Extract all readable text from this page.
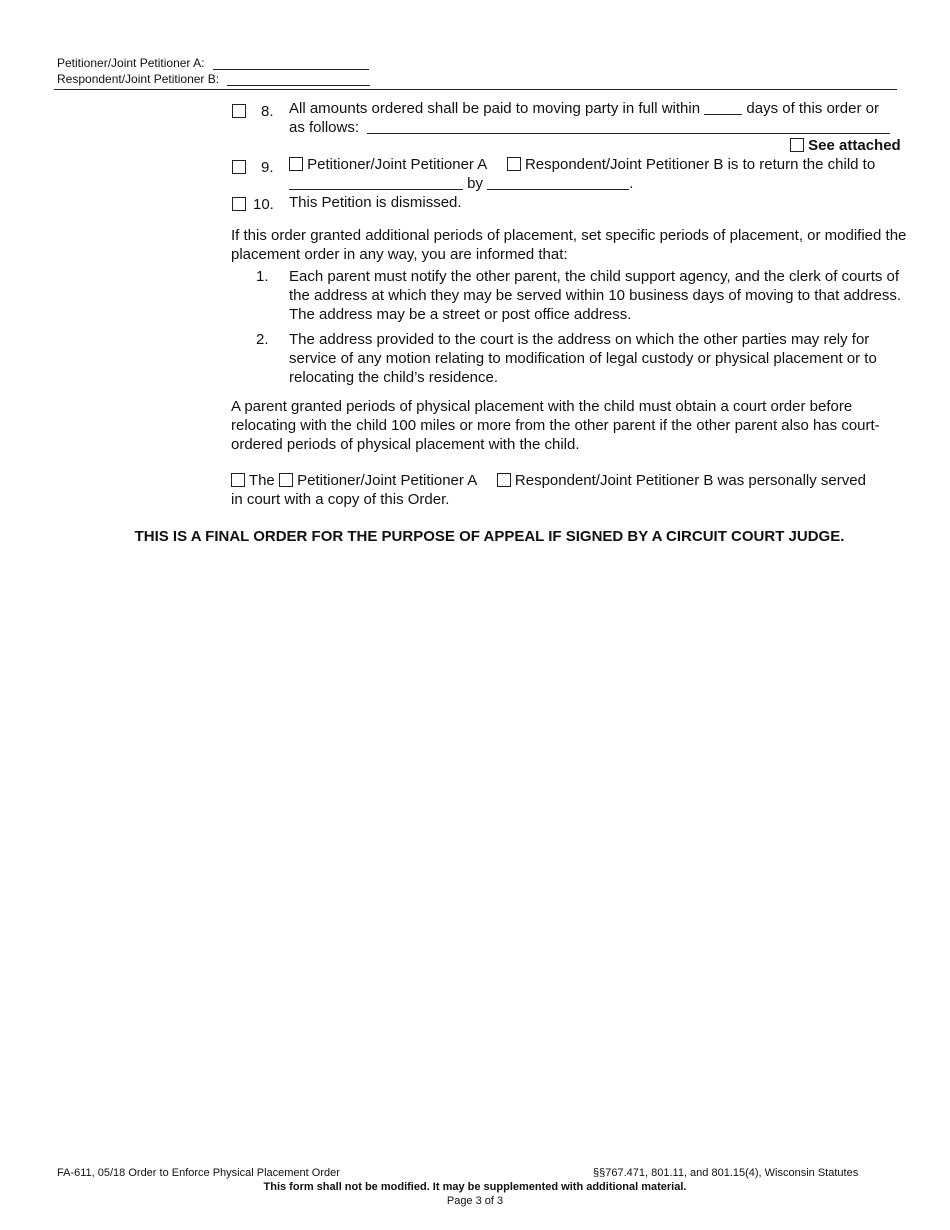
Petitioner/Joint Petitioner A:
Respondent/Joint Petitioner B:
8. All amounts ordered shall be paid to moving party in full within	days of this order or
as follows:
See attached
9.	Petitioner/Joint Petitioner A	Respondent/Joint Petitioner B is to return the child to
by	.
10. This Petition is dismissed.
If this order granted additional periods of placement, set specific periods of placement, or modified the placement order in any way, you are informed that:
1. Each parent must notify the other parent, the child support agency, and the clerk of courts of the address at which they may be served within 10 business days of moving to that address. The address may be a street or post office address.
2. The address provided to the court is the address on which the other parties may rely for service of any motion relating to modification of legal custody or physical placement or to relocating the child’s residence.
A parent granted periods of physical placement with the child must obtain a court order before relocating with the child 100 miles or more from the other parent if the other parent also has court-ordered periods of physical placement with the child.
The Petitioner/Joint Petitioner A	Respondent/Joint Petitioner B was personally served
in court with a copy of this Order.
THIS IS A FINAL ORDER FOR THE PURPOSE OF APPEAL IF SIGNED BY A CIRCUIT COURT JUDGE.
FA-611, 05/18 Order to Enforce Physical Placement Order	§§767.471, 801.11, and 801.15(4), Wisconsin Statutes
This form shall not be modified. It may be supplemented with additional material.
Page 3 of 3
